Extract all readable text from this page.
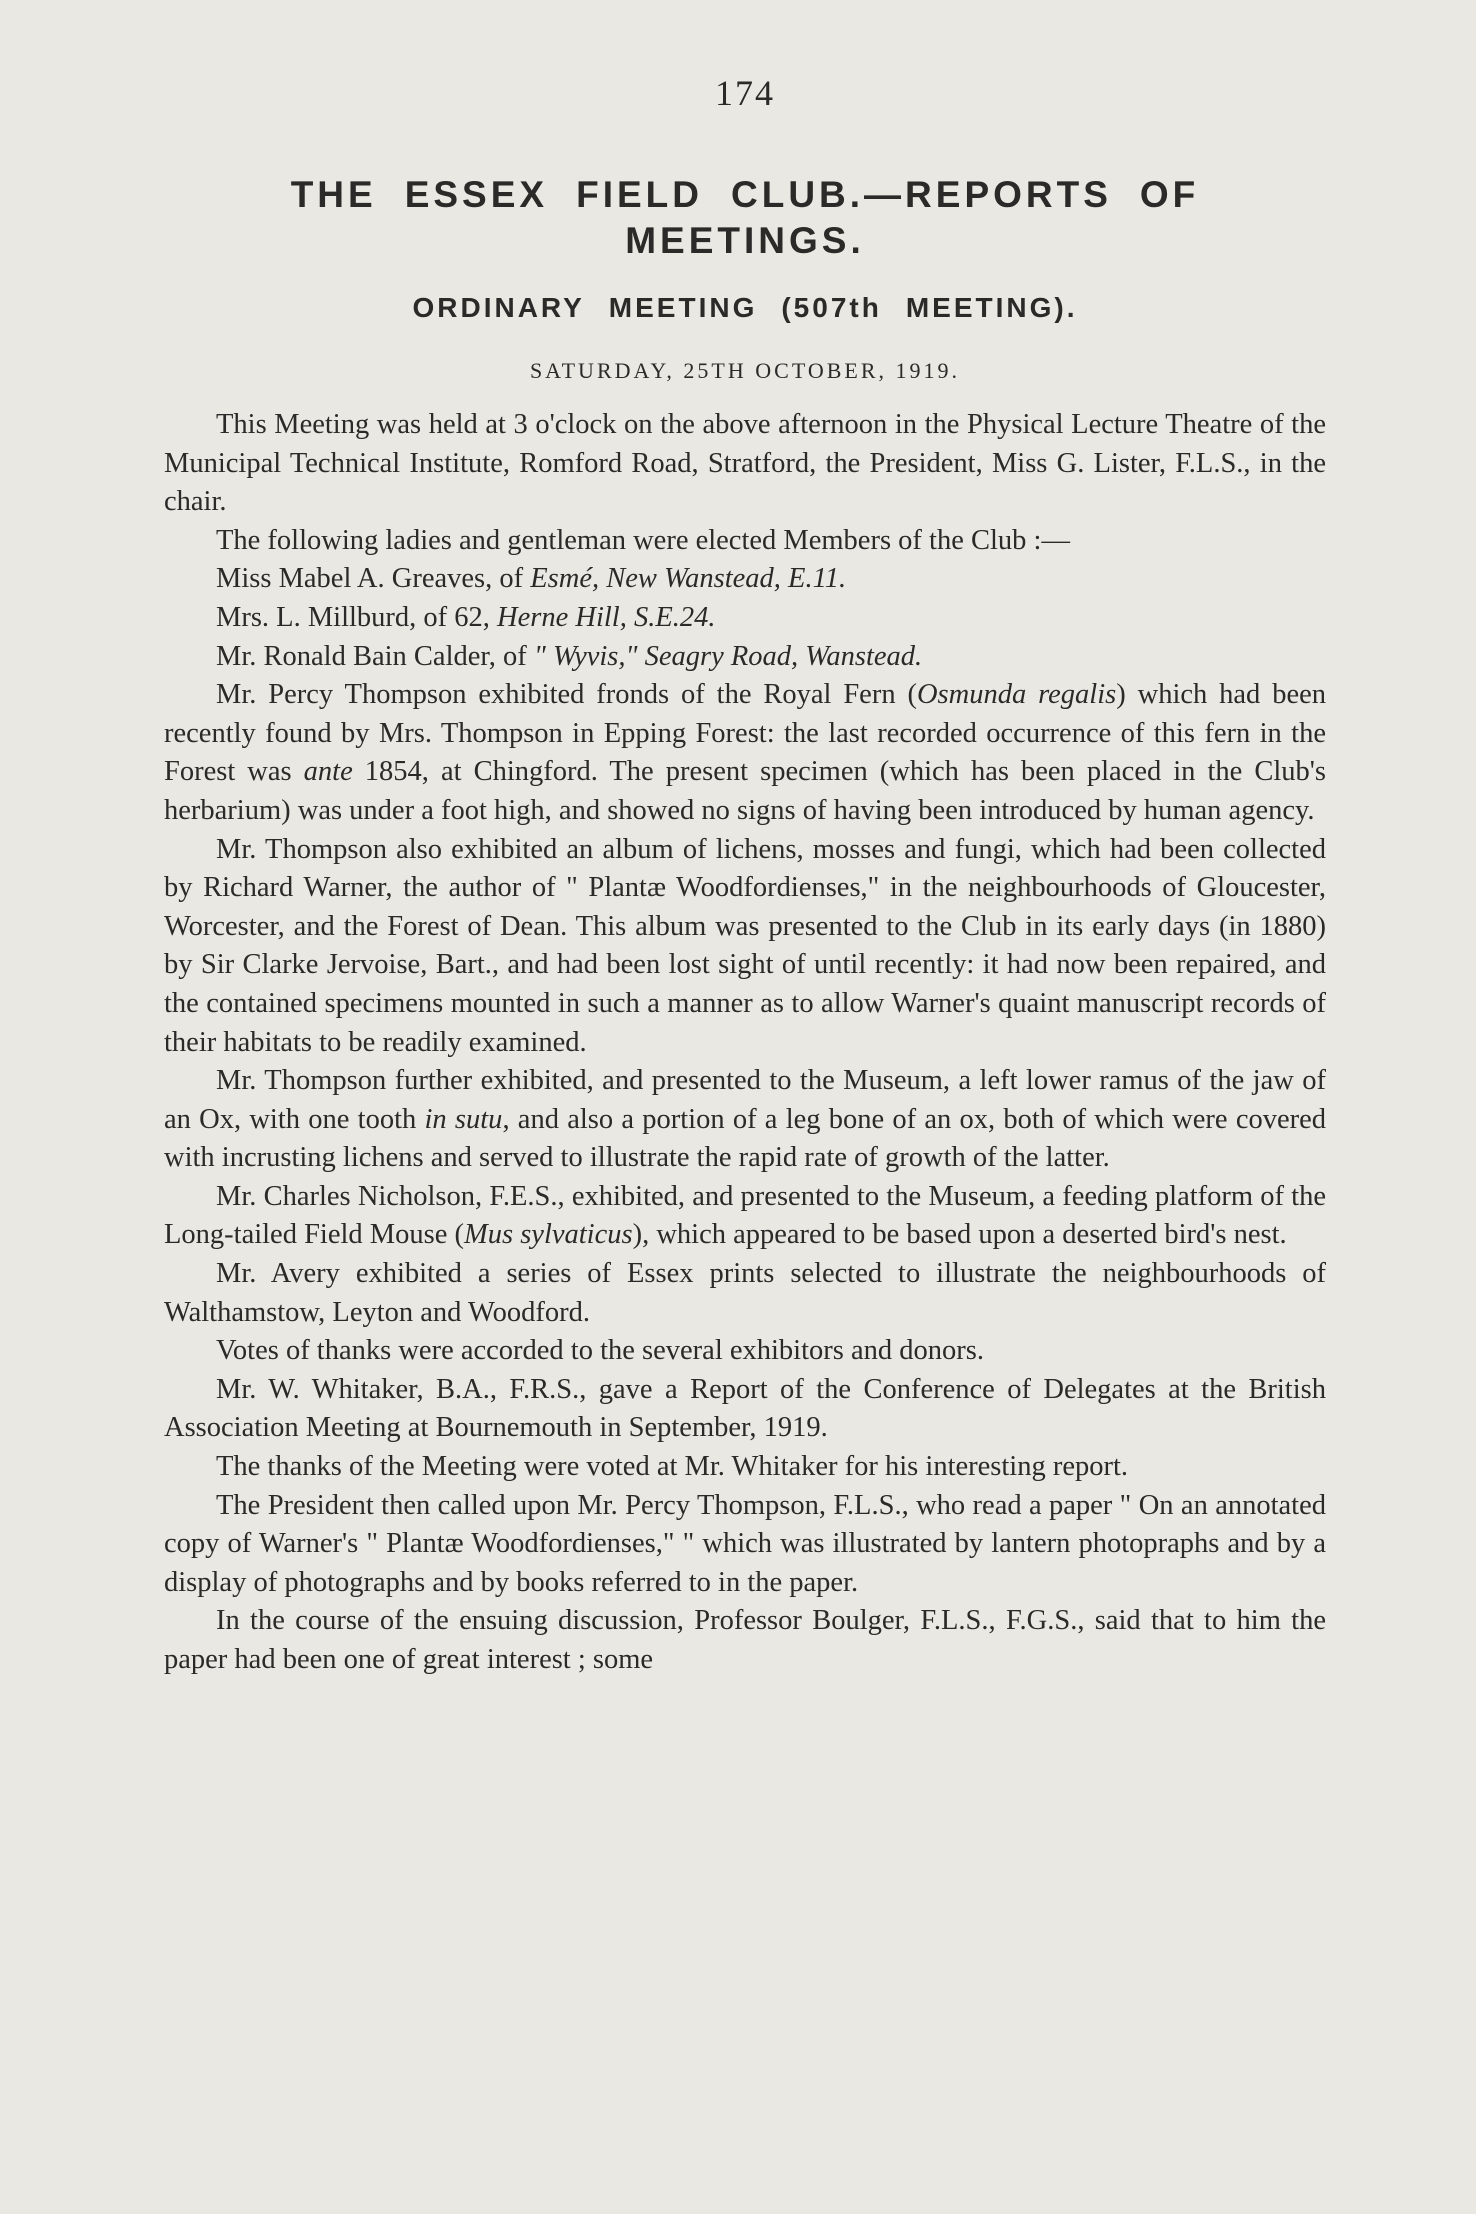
174
THE ESSEX FIELD CLUB.—REPORTS OF
MEETINGS.
ORDINARY MEETING (507th MEETING).
SATURDAY, 25TH OCTOBER, 1919.

This Meeting was held at 3 o'clock on the above afternoon in the Physical Lecture Theatre of the Municipal Technical Institute, Romford Road, Stratford, the President, Miss G. Lister, F.L.S., in the chair.

The following ladies and gentleman were elected Members of the Club :—

Miss Mabel A. Greaves, of Esmé, New Wanstead, E.11.

Mrs. L. Millburd, of 62, Herne Hill, S.E.24.

Mr. Ronald Bain Calder, of " Wyvis," Seagry Road, Wanstead.

Mr. Percy Thompson exhibited fronds of the Royal Fern (Osmunda regalis) which had been recently found by Mrs. Thompson in Epping Forest: the last recorded occurrence of this fern in the Forest was ante 1854, at Chingford. The present specimen (which has been placed in the Club's herbarium) was under a foot high, and showed no signs of having been introduced by human agency.

Mr. Thompson also exhibited an album of lichens, mosses and fungi, which had been collected by Richard Warner, the author of " Plantæ Woodfordienses," in the neighbourhoods of Gloucester, Worcester, and the Forest of Dean. This album was presented to the Club in its early days (in 1880) by Sir Clarke Jervoise, Bart., and had been lost sight of until recently: it had now been repaired, and the contained specimens mounted in such a manner as to allow Warner's quaint manuscript records of their habitats to be readily examined.

Mr. Thompson further exhibited, and presented to the Museum, a left lower ramus of the jaw of an Ox, with one tooth in sutu, and also a portion of a leg bone of an ox, both of which were covered with incrusting lichens and served to illustrate the rapid rate of growth of the latter.

Mr. Charles Nicholson, F.E.S., exhibited, and presented to the Museum, a feeding platform of the Long-tailed Field Mouse (Mus sylvaticus), which appeared to be based upon a deserted bird's nest.

Mr. Avery exhibited a series of Essex prints selected to illustrate the neighbourhoods of Walthamstow, Leyton and Woodford.

Votes of thanks were accorded to the several exhibitors and donors.

Mr. W. Whitaker, B.A., F.R.S., gave a Report of the Conference of Delegates at the British Association Meeting at Bournemouth in September, 1919.

The thanks of the Meeting were voted at Mr. Whitaker for his interesting report.

The President then called upon Mr. Percy Thompson, F.L.S., who read a paper " On an annotated copy of Warner's " Plantæ Woodfordienses," " which was illustrated by lantern photopraphs and by a display of photographs and by books referred to in the paper.

In the course of the ensuing discussion, Professor Boulger, F.L.S., F.G.S., said that to him the paper had been one of great interest ; some
